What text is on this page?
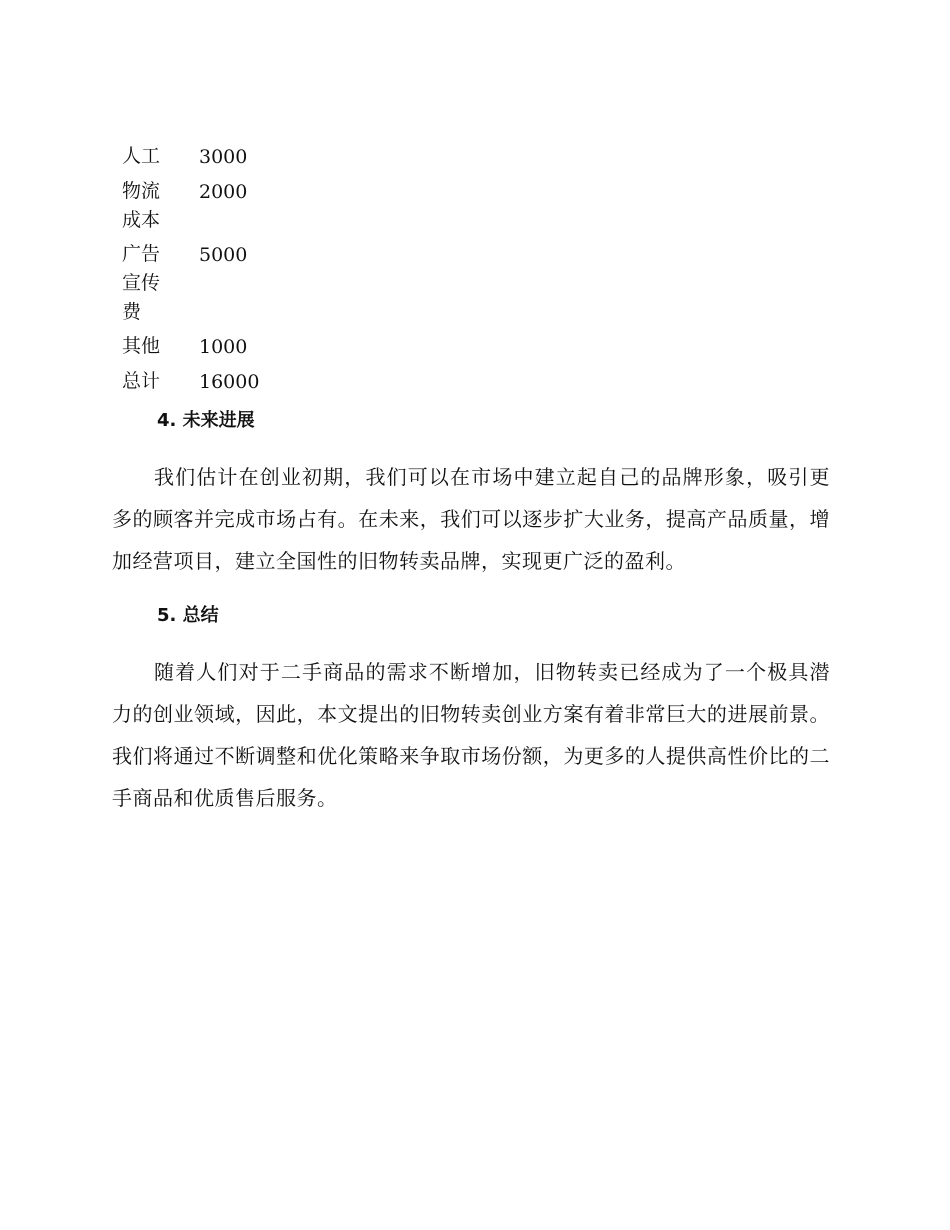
人工	3000

物流成本	2000

广告宣传费	5000

其他	1000

总计	16000
4. 未来进展

我们估计在创业初期，我们可以在市场中建立起自己的品牌形象，吸引更多的顾客并完成市场占有。在未来，我们可以逐步扩大业务，提高产品质量，增加经营项目，建立全国性的旧物转卖品牌，实现更广泛的盈利。

5. 总结

随着人们对于二手商品的需求不断增加，旧物转卖已经成为了一个极具潜力的创业领域，因此，本文提出的旧物转卖创业方案有着非常巨大的进展前景。我们将通过不断调整和优化策略来争取市场份额，为更多的人提供高性价比的二手商品和优质售后服务。
